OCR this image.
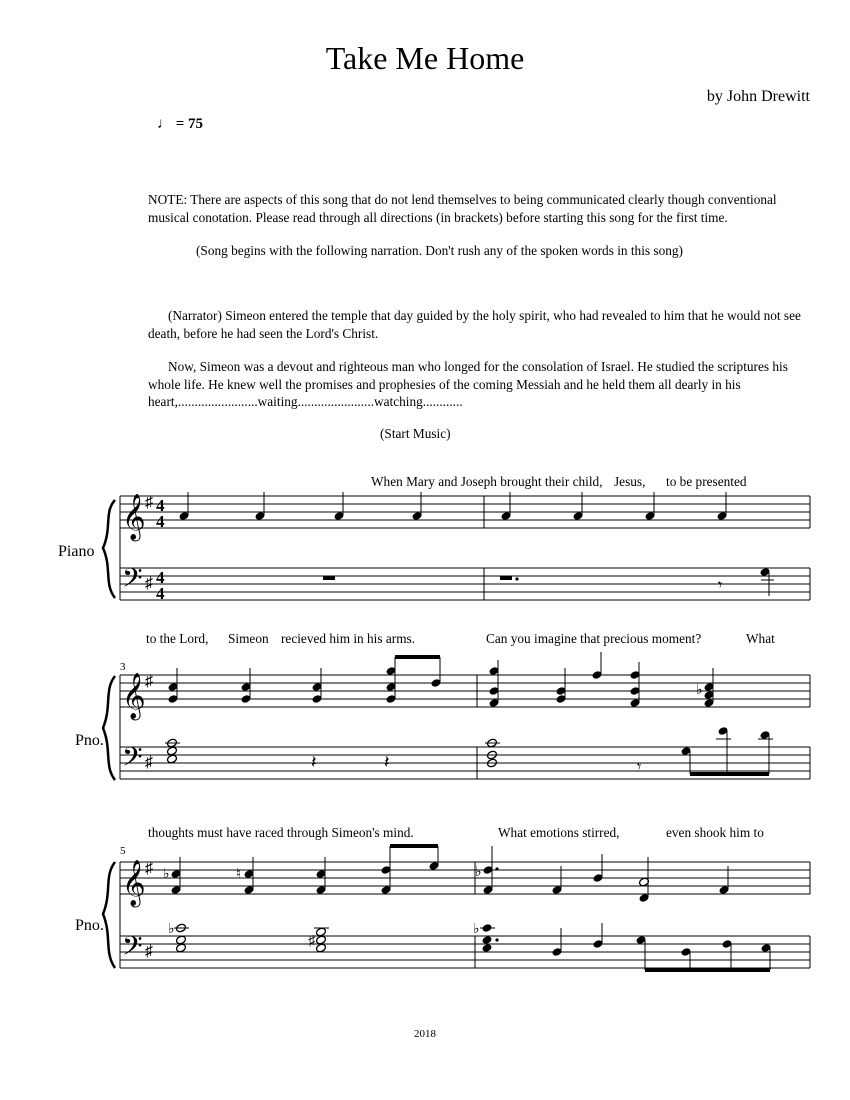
Take Me Home
by John Drewitt
♩ = 75
NOTE: There are aspects of this song that do not lend themselves to being communicated clearly though conventional musical conotation. Please read through all directions (in brackets) before starting this song for the first time.
(Song begins with the following narration. Don't rush any of the spoken words in this song)
(Narrator) Simeon entered the temple that day guided by the holy spirit, who had revealed to him that he would not see death, before he had seen the Lord's Christ.
Now, Simeon was a devout and righteous man who longed for the consolation of Israel. He studied the scriptures his whole life. He knew well the promises and prophesies of the coming Messiah and he held them all dearly in his heart,........................waiting.......................watching............
(Start Music)
When Mary and Joseph brought their child, Jesus, to be presented
to the Lord, Simeon recieved him in his arms.	Can you imagine that precious moment?	What
thoughts must have raced through Simeon's mind.	What emotions stirred,	even shook him to
Piano
𝄞
𝄢
♯
♯
4
4
4
4	𝄾
3
Pno.
𝄞
𝄢
♯
♯
♭
𝄽	𝄽	𝄾
5
Pno.
𝄞
𝄢
♯
♯
♭	♮	♭
♭
♯
♭
2018
